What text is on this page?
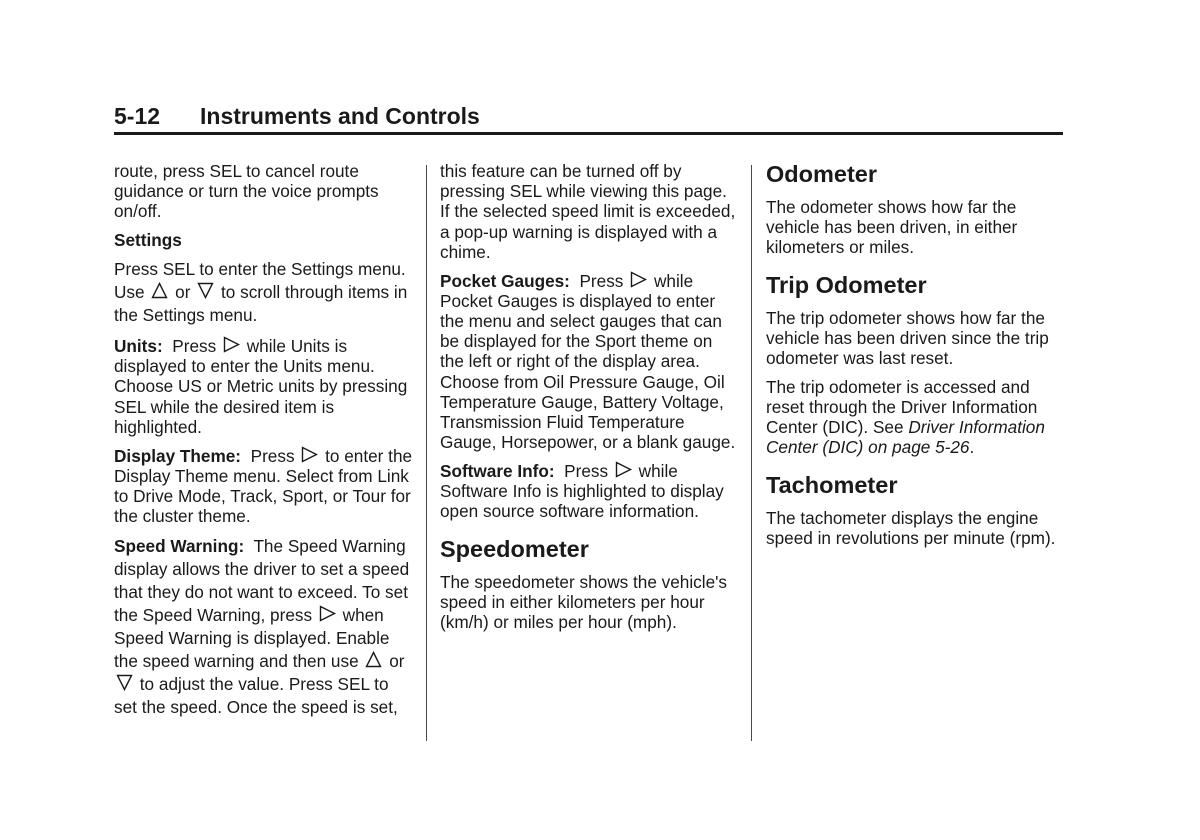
5-12 Instruments and Controls

route, press SEL to cancel route guidance or turn the voice prompts on/off.

Settings

Press SEL to enter the Settings menu. Use or to scroll through items in the Settings menu.

Units: Press while Units is displayed to enter the Units menu. Choose US or Metric units by pressing SEL while the desired item is highlighted.

Display Theme: Press to enter the Display Theme menu. Select from Link to Drive Mode, Track, Sport, or Tour for the cluster theme.

Speed Warning: The Speed Warning display allows the driver to set a speed that they do not want to exceed. To set the Speed Warning, press when Speed Warning is displayed. Enable the speed warning and then use or
to adjust the value. Press SEL to set the speed. Once the speed is set,

this feature can be turned off by pressing SEL while viewing this page. If the selected speed limit is exceeded, a pop-up warning is displayed with a chime.

Pocket Gauges: Press while Pocket Gauges is displayed to enter the menu and select gauges that can be displayed for the Sport theme on the left or right of the display area. Choose from Oil Pressure Gauge, Oil Temperature Gauge, Battery Voltage, Transmission Fluid Temperature Gauge, Horsepower, or a blank gauge.

Software Info: Press while Software Info is highlighted to display open source software information.

Speedometer

The speedometer shows the vehicle's speed in either kilometers per hour (km/h) or miles per hour (mph).

Odometer

The odometer shows how far the vehicle has been driven, in either kilometers or miles.

Trip Odometer

The trip odometer shows how far the vehicle has been driven since the trip odometer was last reset.

The trip odometer is accessed and reset through the Driver Information Center (DIC). See Driver Information Center (DIC) on page 5-26.

Tachometer

The tachometer displays the engine speed in revolutions per minute (rpm).
